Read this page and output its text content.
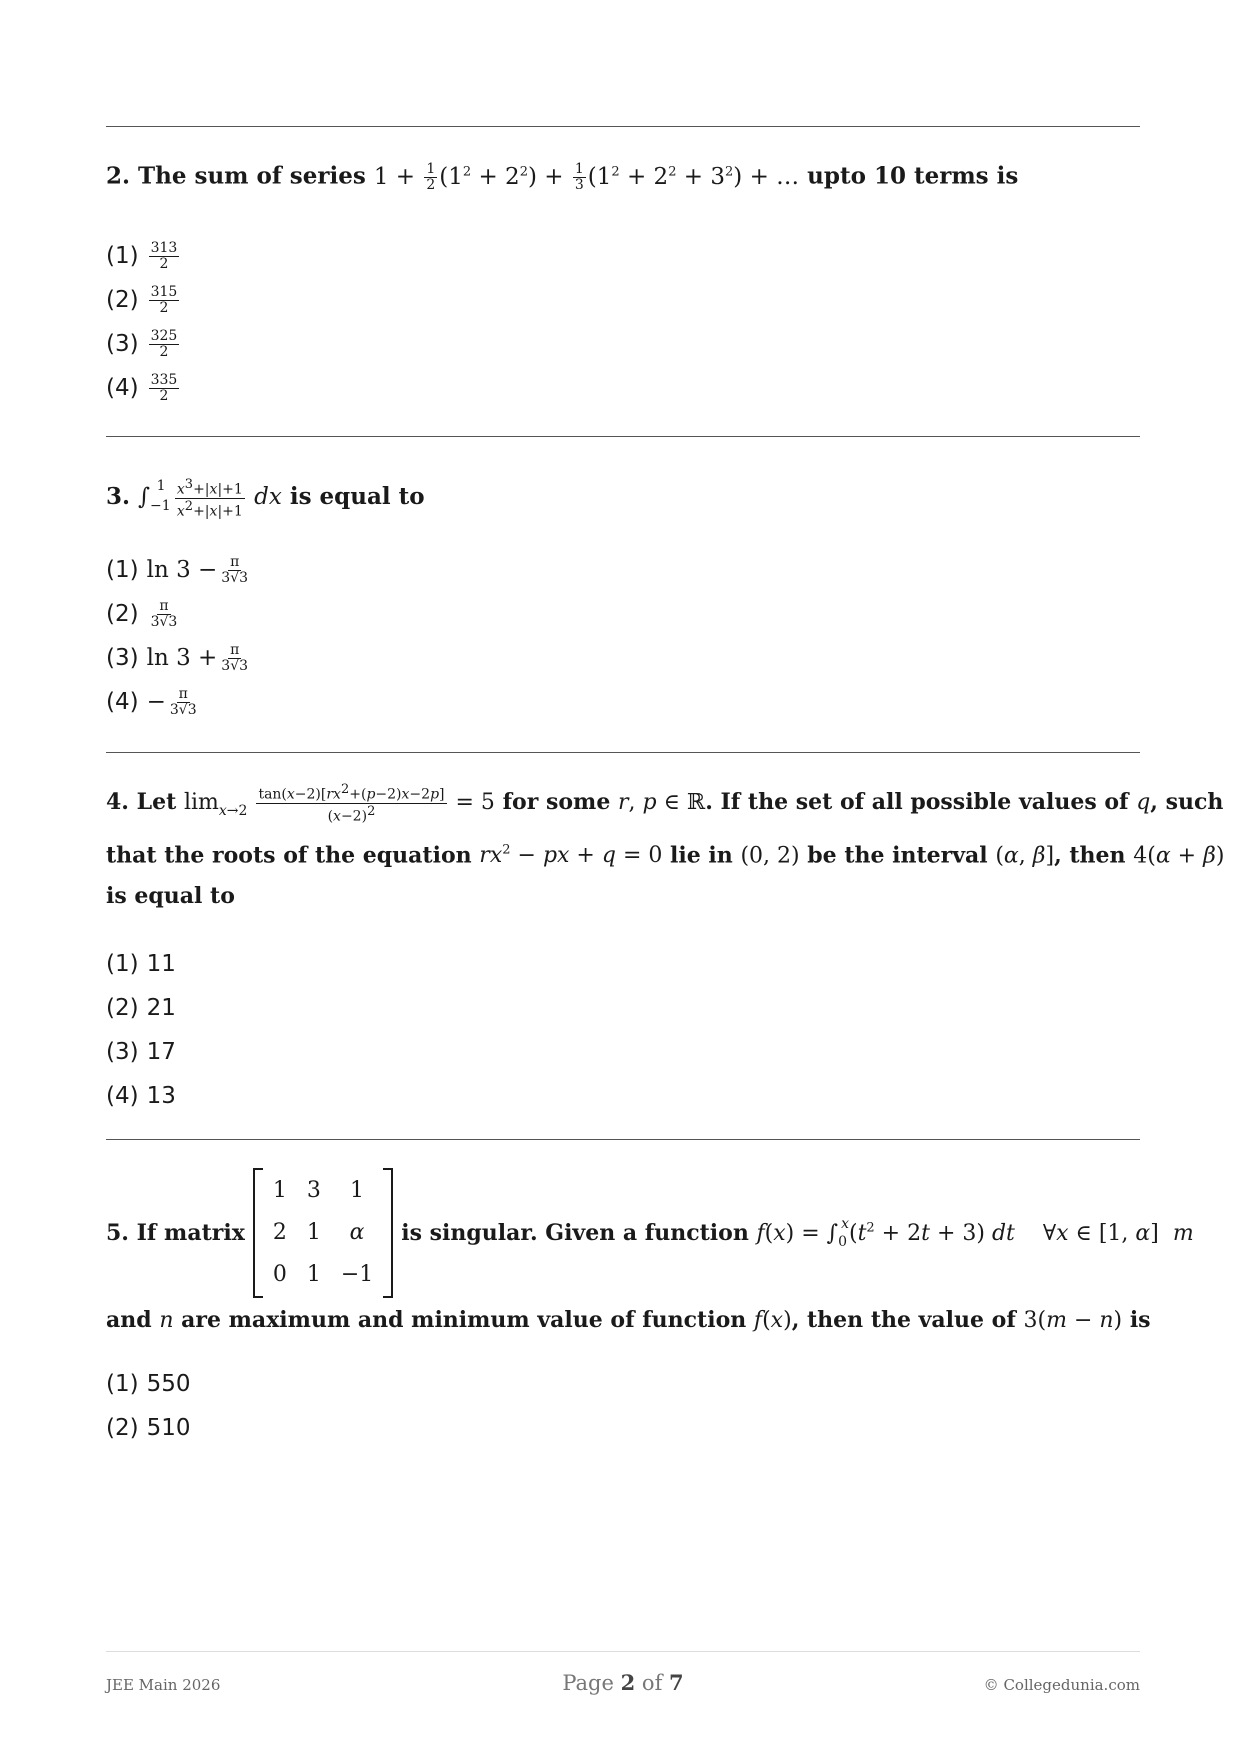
2. The sum of series $1 + \frac{1}{2} (1^2 + 2^2) + \frac{1}{3} (1^2 + 2^2 + 3^2)$ + … upto 10 terms is
$(1) \frac{313}{2}$
$(2) \frac{315}{2}$
$(3) \frac{325}{2}$
$(4) \frac{335}{2}$
3. $\int_{-1}^1 \frac{x^3+|x|+1}{x^2+|x|+1}$ dx is equal to
(1) $\ln 3 - \frac{\pi}{3√3}$
$(2) \frac{\pi}{3√3}$
(3) $\ln 3 + \frac{\pi}{3√3}$
$(4) - \frac{\pi}{3√3}$
4. Let $\lim_{x\to 2} \frac{\tan(x-2)[rx^2+(p-2)x-2p]}{(x-2)^2} = 5$ for some r, p ∈ ℝ. If the set of all possible values of q, such
that the roots of the equation $rx^2$ − px + q = 0 lie in (0, 2) be the interval (α, β], then 4(α + β)
is equal to
(1) 11
(2) 21
(3) 17
(4) 13
5.
If matrix
1	3	1
2	1	α
0	1	−1
is singular. Given a function
$f(x) = \int_0^x(t^2 + 2t + 3)$ dt    ∀x ∈ [1, α]  m
and n are maximum and minimum value of function f(x), then the value of 3(m − n) is
(1) 550
(2) 510
JEE Main 2026	Page 2 of 7	© Collegedunia.com
